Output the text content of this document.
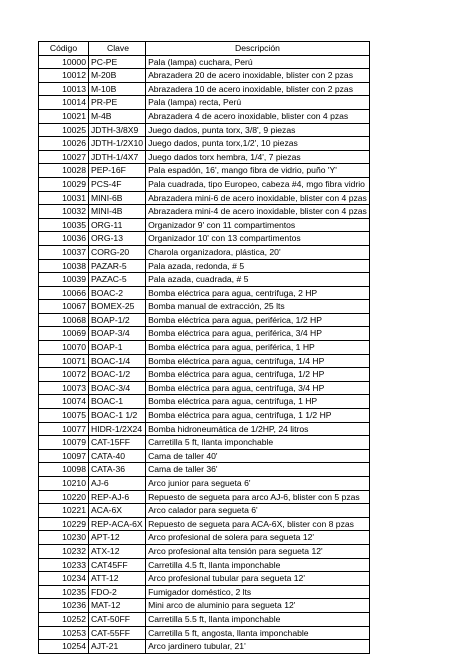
Código	Clave	Descripción
10000	PC-PE	Pala (lampa) cuchara, Perú
10012	M-20B	Abrazadera 20 de acero inoxidable, blister con 2 pzas
10013	M-10B	Abrazadera 10 de acero inoxidable, blister con 2 pzas
10014	PR-PE	Pala (lampa) recta, Perú
10021	M-4B	Abrazadera 4 de acero inoxidable, blister con 4 pzas
10025	JDTH-3/8X9	Juego dados, punta torx, 3/8', 9 piezas
10026	JDTH-1/2X10	Juego dados, punta torx,1/2', 10 piezas
10027	JDTH-1/4X7	Juego dados torx hembra, 1/4', 7 piezas
10028	PEP-16F	Pala espadón, 16', mango fibra de vidrio, puño 'Y'
10029	PCS-4F	Pala cuadrada, tipo Europeo, cabeza #4, mgo fibra vidrio
10031	MINI-6B	Abrazadera mini-6 de acero inoxidable, blister con 4 pzas
10032	MINI-4B	Abrazadera mini-4 de acero inoxidable, blister con 4 pzas
10035	ORG-11	Organizador 9' con 11 compartimentos
10036	ORG-13	Organizador 10' con 13 compartimentos
10037	CORG-20	Charola organizadora, plástica, 20'
10038	PAZAR-5	Pala azada, redonda, # 5
10039	PAZAC-5	Pala azada, cuadrada, # 5
10066	BOAC-2	Bomba eléctrica para agua, centrifuga, 2 HP
10067	BOMEX-25	Bomba manual de extracción, 25 lts
10068	BOAP-1/2	Bomba eléctrica para agua, periférica, 1/2 HP
10069	BOAP-3/4	Bomba eléctrica para agua, periférica, 3/4 HP
10070	BOAP-1	Bomba eléctrica para agua, periférica, 1 HP
10071	BOAC-1/4	Bomba eléctrica para agua, centrifuga, 1/4 HP
10072	BOAC-1/2	Bomba eléctrica para agua, centrifuga, 1/2 HP
10073	BOAC-3/4	Bomba eléctrica para agua, centrifuga, 3/4 HP
10074	BOAC-1	Bomba eléctrica para agua, centrifuga, 1 HP
10075	BOAC-1 1/2	Bomba eléctrica para agua, centrifuga, 1 1/2 HP
10077	HIDR-1/2X24	Bomba hidroneumática de 1/2HP, 24 litros
10079	CAT-15FF	Carretilla 5 ft, llanta imponchable
10097	CATA-40	Cama de taller 40'
10098	CATA-36	Cama de taller 36'
10210	AJ-6	Arco junior para segueta 6'
10220	REP-AJ-6	Repuesto de segueta para arco AJ-6, blister con 5 pzas
10221	ACA-6X	Arco calador para segueta 6'
10229	REP-ACA-6X	Repuesto de segueta para ACA-6X, blister con 8 pzas
10230	APT-12	Arco profesional de solera para segueta 12'
10232	ATX-12	Arco profesional alta tensión para segueta 12'
10233	CAT45FF	Carretilla 4.5 ft, llanta imponchable
10234	ATT-12	Arco profesional tubular para segueta 12'
10235	FDO-2	Fumigador doméstico, 2 lts
10236	MAT-12	Mini arco de aluminio para segueta 12'
10252	CAT-50FF	Carretilla 5.5 ft, llanta imponchable
10253	CAT-55FF	Carretilla 5 ft, angosta, llanta imponchable
10254	AJT-21	Arco jardinero tubular, 21'
